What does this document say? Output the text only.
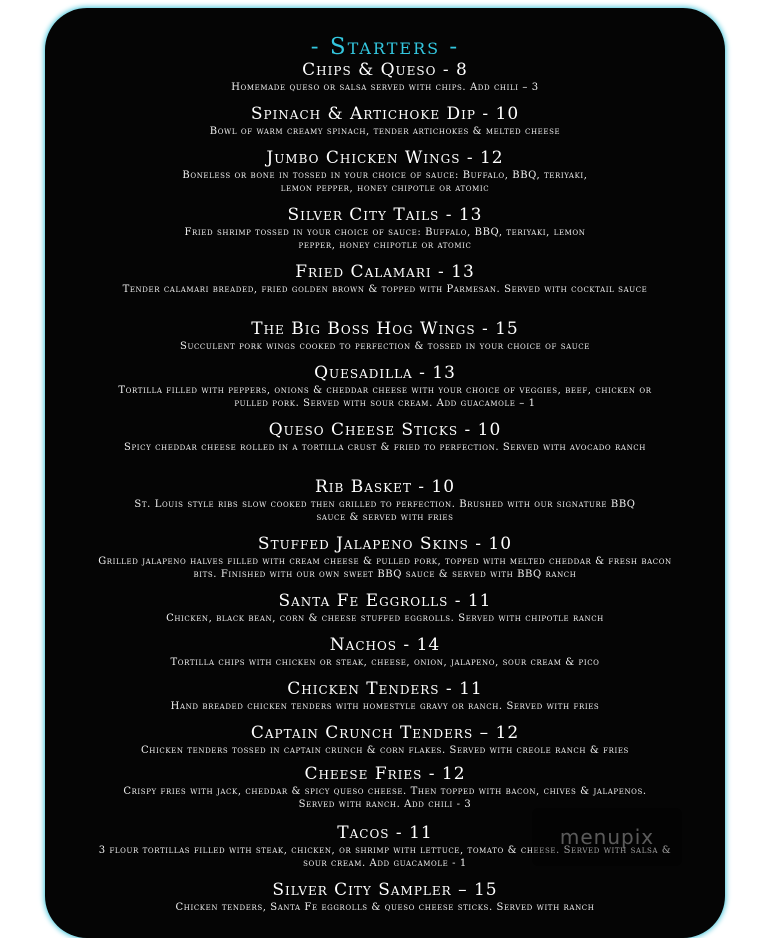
- Starters -
Chips & Queso - 8

Homemade queso or salsa served with chips. Add chili – 3

Spinach & Artichoke Dip - 10

Bowl of warm creamy spinach, tender artichokes & melted cheese

Jumbo Chicken Wings - 12

Boneless or bone in tossed in your choice of sauce: Buffalo, BBQ, teriyaki, lemon pepper, honey chipotle or atomic

Silver City Tails - 13

Fried shrimp tossed in your choice of sauce: Buffalo, BBQ, teriyaki, lemon pepper, honey chipotle or atomic

Fried Calamari - 13

Tender calamari breaded, fried golden brown & topped with Parmesan. Served with cocktail sauce

The Big Boss Hog Wings - 15

Succulent pork wings cooked to perfection & tossed in your choice of sauce

Quesadilla - 13

Tortilla filled with peppers, onions & cheddar cheese with your choice of veggies, beef, chicken or pulled pork. Served with sour cream. Add guacamole – 1

Queso Cheese Sticks - 10

Spicy cheddar cheese rolled in a tortilla crust & fried to perfection. Served with avocado ranch

Rib Basket - 10

St. Louis style ribs slow cooked then grilled to perfection. Brushed with our signature BBQ sauce & served with fries

Stuffed Jalapeno Skins - 10

Grilled jalapeno halves filled with cream cheese & pulled pork, topped with melted cheddar & fresh bacon bits. Finished with our own sweet BBQ sauce & served with BBQ ranch

Santa Fe Eggrolls - 11

Chicken, black bean, corn & cheese stuffed eggrolls. Served with chipotle ranch

Nachos - 14

Tortilla chips with chicken or steak, cheese, onion, jalapeno, sour cream & pico

Chicken Tenders - 11

Hand breaded chicken tenders with homestyle gravy or ranch. Served with fries

Captain Crunch Tenders – 12

Chicken tenders tossed in captain crunch & corn flakes. Served with creole ranch & fries

Cheese Fries - 12

Crispy fries with jack, cheddar & spicy queso cheese. Then topped with bacon, chives & jalapenos. Served with ranch. Add chili - 3

Tacos - 11

3 flour tortillas filled with steak, chicken, or shrimp with lettuce, tomato & cheese. Served with salsa & sour cream. Add guacamole - 1

Silver City Sampler – 15

Chicken tenders, Santa Fe eggrolls & queso cheese sticks. Served with ranch

menupix
